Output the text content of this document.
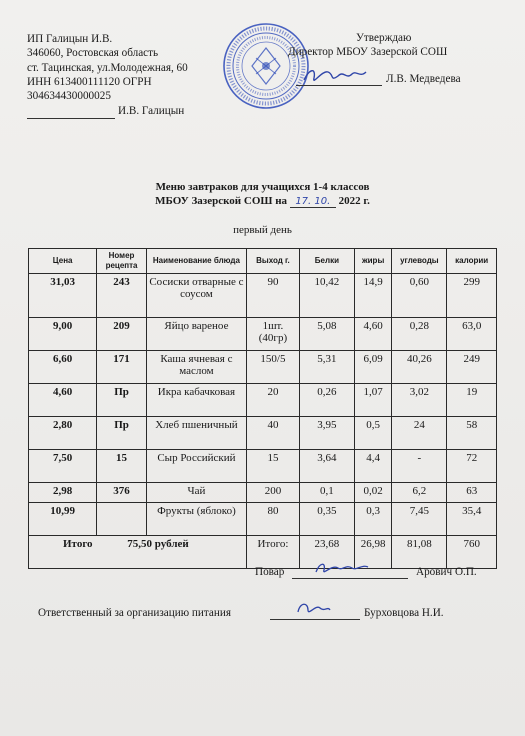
ИП Галицын И.В.
346060, Ростовская область
ст. Тацинская, ул.Молодежная, 60
ИНН 613400111120 ОГРН
304634430000025
И.В. Галицын
Утверждаю
Директор МБОУ Зазерской СОШ
Л.В. Медведева
Меню завтраков для учащихся 1-4 классов
МБОУ Зазерской СОШ на 17. 10. 2022 г.
первый день
Цена	Номер рецепта	Наименование блюда	Выход г.	Белки	жиры	углеводы	калории
31,03	243	Сосиски отварные с соусом	90	10,42	14,9	0,60	299
9,00	209	Яйцо вареное	1шт.(40гр)	5,08	4,60	0,28	63,0
6,60	171	Каша ячневая с маслом	150/5	5,31	6,09	40,26	249
4,60	Пр	Икра кабачковая	20	0,26	1,07	3,02	19
2,80	Пр	Хлеб пшеничный	40	3,95	0,5	24	58
7,50	15	Сыр Российский	15	3,64	4,4	-	72
2,98	376	Чай	200	0,1	0,02	6,2	63
10,99		Фрукты (яблоко)	80	0,35	0,3	7,45	35,4
Итого 75,50 рублей			Итого:	23,68	26,98	81,08	760
Повар	Арович О.П.
Ответственный за организацию питания	Бурховцова Н.И.
